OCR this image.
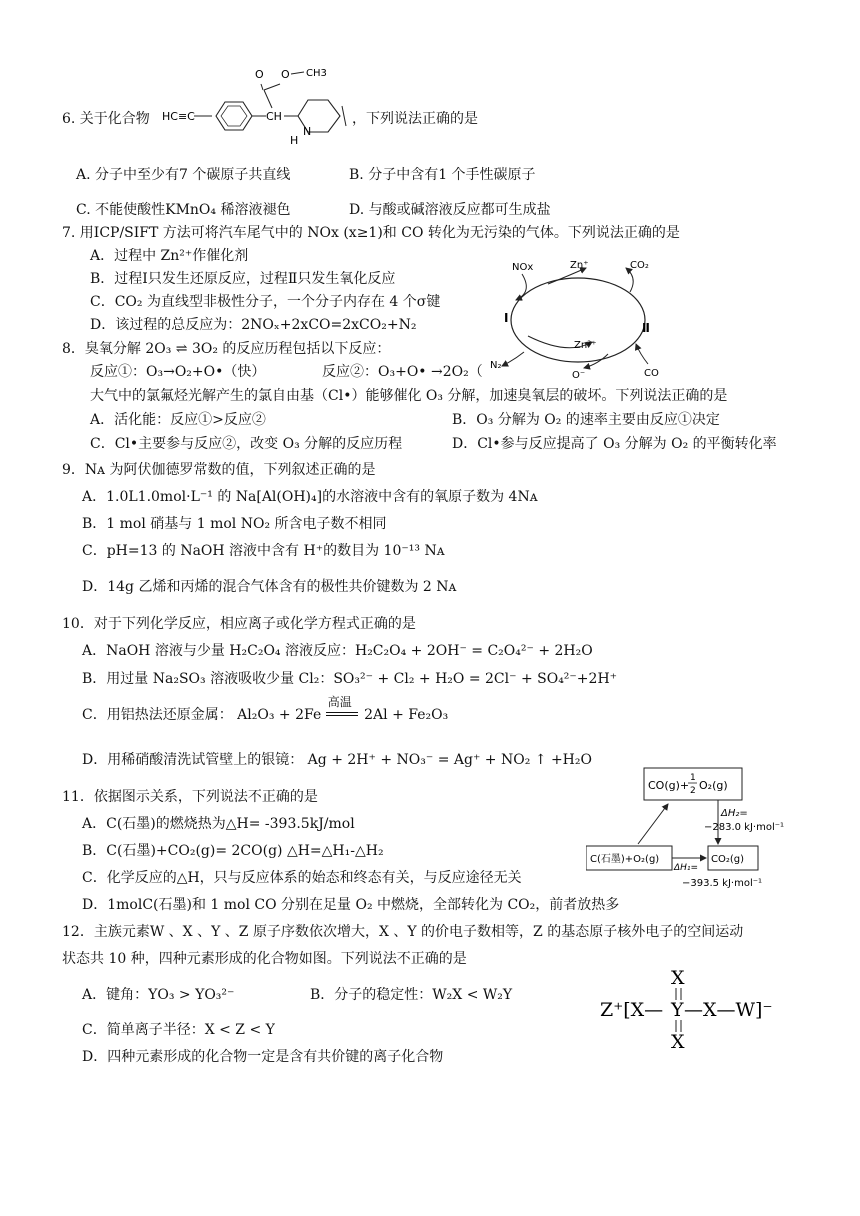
6. 关于化合物 HC≡C	CH
O O CH3
N
H
，下列说法正确的是
A. 分子中至少有7 个碳原子共直线	B. 分子中含有1 个手性碳原子
C. 不能使酸性KMnO₄ 稀溶液褪色	D. 与酸或碱溶液反应都可生成盐
7. 用ICP/SIFT 方法可将汽车尾气中的 NOx (x≥1)和 CO 转化为无污染的气体。下列说法正确的是
A．过程中 Zn²⁺作催化剂
B．过程Ⅰ只发生还原反应，过程Ⅱ只发生氧化反应
C．CO₂ 为直线型非极性分子，一个分子内存在 4 个σ键
D．该过程的总反应为：2NOₓ+2xCO=2xCO₂+N₂
NOx	Zn⁺	CO₂
I
Ⅱ
Zn²⁺
N₂
O⁻	CO
8．臭氧分解 2O₃ ⇌ 3O₂ 的反应历程包括以下反应：
反应①：O₃→O₂+O•（快）	反应②：O₃+O• →2O₂（
大气中的氯氟烃光解产生的氯自由基（Cl•）能够催化 O₃ 分解，加速臭氧层的破坏。下列说法正确的是
A．活化能：反应①>反应②	B．O₃ 分解为 O₂ 的速率主要由反应①决定
C．Cl•主要参与反应②，改变 O₃ 分解的反应历程	D．Cl•参与反应提高了 O₃ 分解为 O₂ 的平衡转化率
9．Nᴀ 为阿伏伽德罗常数的值，下列叙述正确的是
A．1.0L1.0mol·L⁻¹ 的 Na[Al(OH)₄]的水溶液中含有的氧原子数为 4Nᴀ
B．1 mol 硝基与 1 mol NO₂ 所含电子数不相同
C．pH=13 的 NaOH 溶液中含有 H⁺的数目为 10⁻¹³ Nᴀ
D．14g 乙烯和丙烯的混合气体含有的极性共价键数为 2 Nᴀ
10．对于下列化学反应，相应离子或化学方程式正确的是
A．NaOH 溶液与少量 H₂C₂O₄ 溶液反应：H₂C₂O₄ + 2OH⁻ = C₂O₄²⁻ + 2H₂O
B．用过量 Na₂SO₃ 溶液吸收少量 Cl₂：SO₃²⁻ + Cl₂ + H₂O = 2Cl⁻ + SO₄²⁻+2H⁺
C．用铝热法还原金属： Al₂O₃ + 2Fe
高温
2Al + Fe₂O₃
D．用稀硝酸清洗试管壁上的银镜： Ag + 2H⁺ + NO₃⁻ = Ag⁺ + NO₂ ↑ +H₂O
11．依据图示关系，下列说法不正确的是
A．C(石墨)的燃烧热为△H= -393.5kJ/mol
B．C(石墨)+CO₂(g)= 2CO(g) △H=△H₁-△H₂
C．化学反应的△H，只与反应体系的始态和终态有关，与反应途径无关
D．1molC(石墨)和 1 mol CO 分别在足量 O₂ 中燃烧，全部转化为 CO₂，前者放热多
CO(g)+
1
2 O₂(g)
ΔH₂=
−283.0 kJ·mol⁻¹
C(石墨)+O₂(g)
ΔH₁=
CO₂(g)
−393.5 kJ·mol⁻¹
12．主族元素W 、X 、Y 、Z 原子序数依次增大，X 、Y 的价电子数相等，Z 的基态原子核外电子的空间运动
状态共 10 种，四种元素形成的化合物如图。下列说法不正确的是
A．键角：YO₃ > YO₃²⁻	B．分子的稳定性：W₂X < W₂Y
C．简单离子半径：X < Z < Y
D．四种元素形成的化合物一定是含有共价键的离子化合物
X
Z⁺[X— Y —X—W]⁻
X
